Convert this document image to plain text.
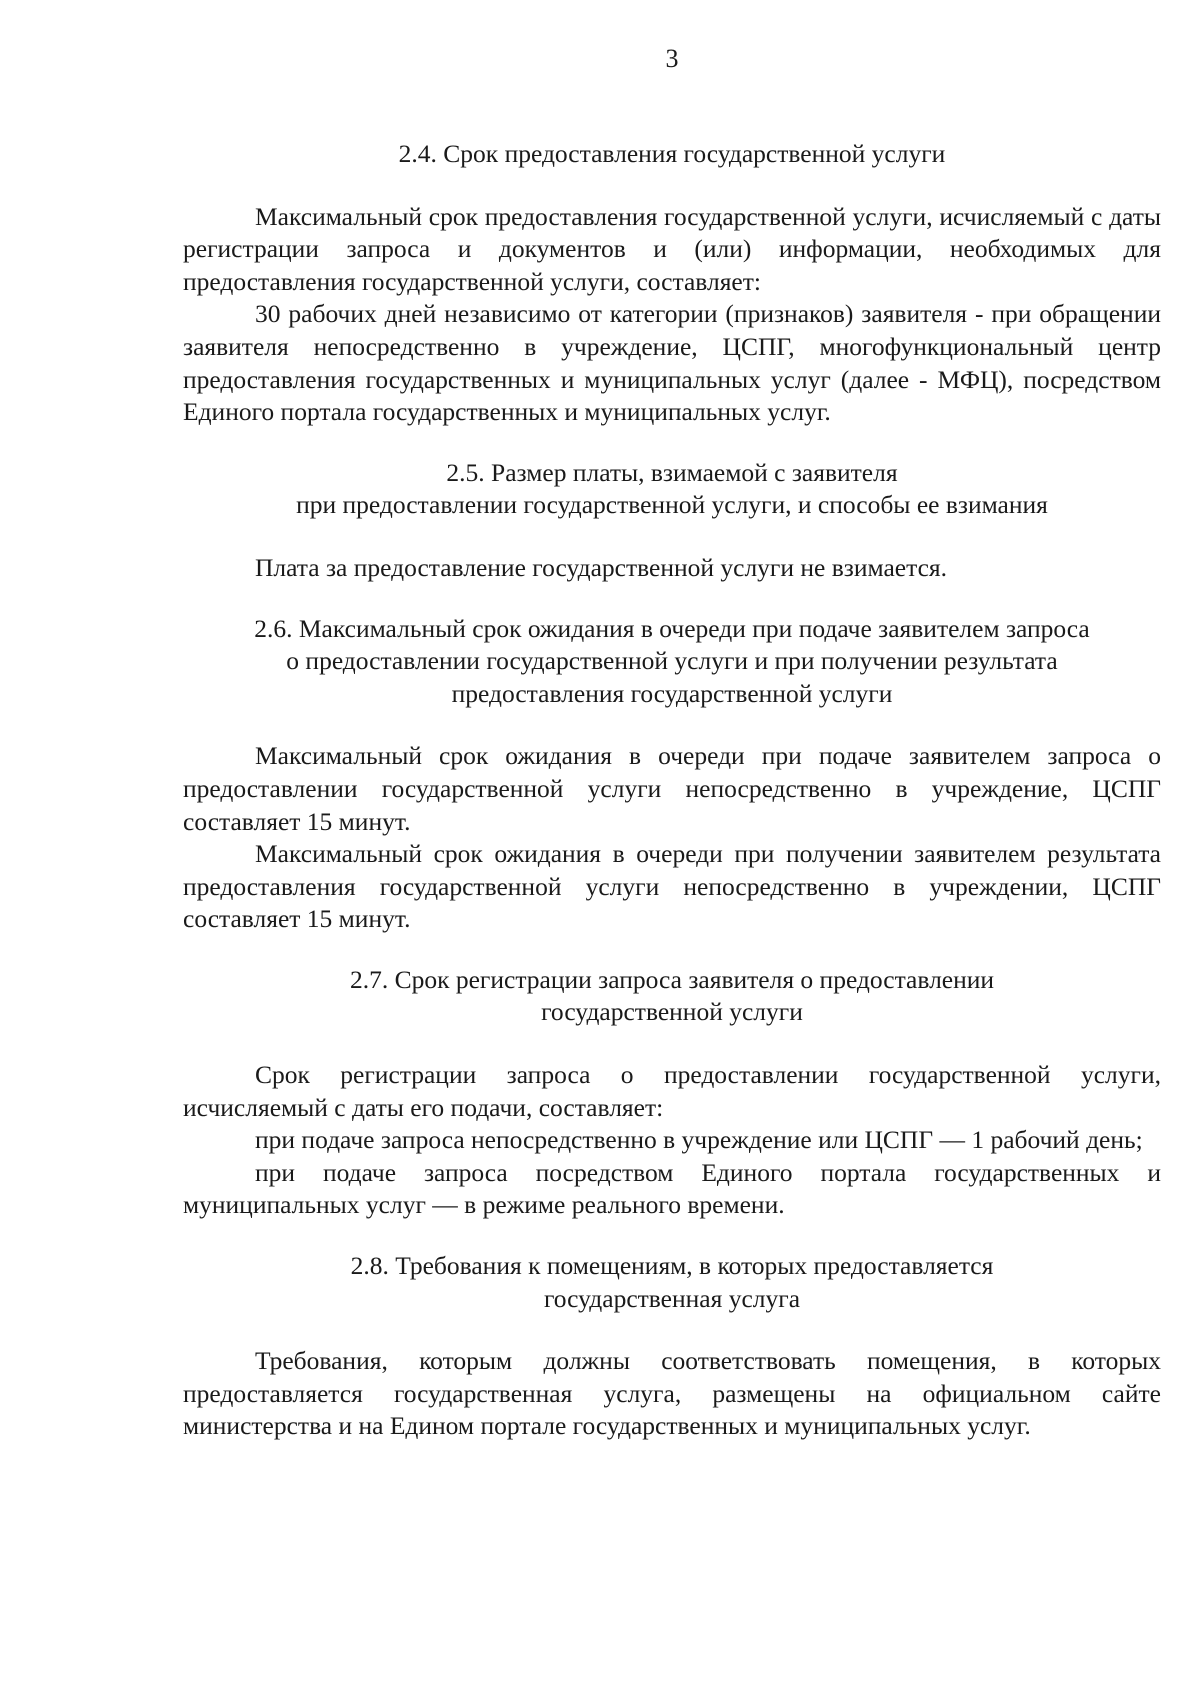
3
2.4. Срок предоставления государственной услуги

Максимальный срок предоставления государственной услуги, исчисляемый с даты регистрации запроса и документов и (или) информации, необходимых для предоставления государственной услуги, составляет:

30 рабочих дней независимо от категории (признаков) заявителя - при обращении заявителя непосредственно в учреждение, ЦСПГ, многофункциональный центр предоставления государственных и муниципальных услуг (далее - МФЦ), посредством Единого портала государственных и муниципальных услуг.

2.5. Размер платы, взимаемой с заявителя
при предоставлении государственной услуги, и способы ее взимания

Плата за предоставление государственной услуги не взимается.

2.6. Максимальный срок ожидания в очереди при подаче заявителем запроса
о предоставлении государственной услуги и при получении результата
предоставления государственной услуги

Максимальный срок ожидания в очереди при подаче заявителем запроса о предоставлении государственной услуги непосредственно в учреждение, ЦСПГ составляет 15 минут.

Максимальный срок ожидания в очереди при получении заявителем результата предоставления государственной услуги непосредственно в учреждении, ЦСПГ составляет 15 минут.

2.7. Срок регистрации запроса заявителя о предоставлении
государственной услуги

Срок регистрации запроса о предоставлении государственной услуги, исчисляемый с даты его подачи, составляет:

при подаче запроса непосредственно в учреждение или ЦСПГ — 1 рабочий день;

при подаче запроса посредством Единого портала государственных и муниципальных услуг — в режиме реального времени.

2.8. Требования к помещениям, в которых предоставляется
государственная услуга

Требования, которым должны соответствовать помещения, в которых предоставляется государственная услуга, размещены на официальном сайте министерства и на Едином портале государственных и муниципальных услуг.
